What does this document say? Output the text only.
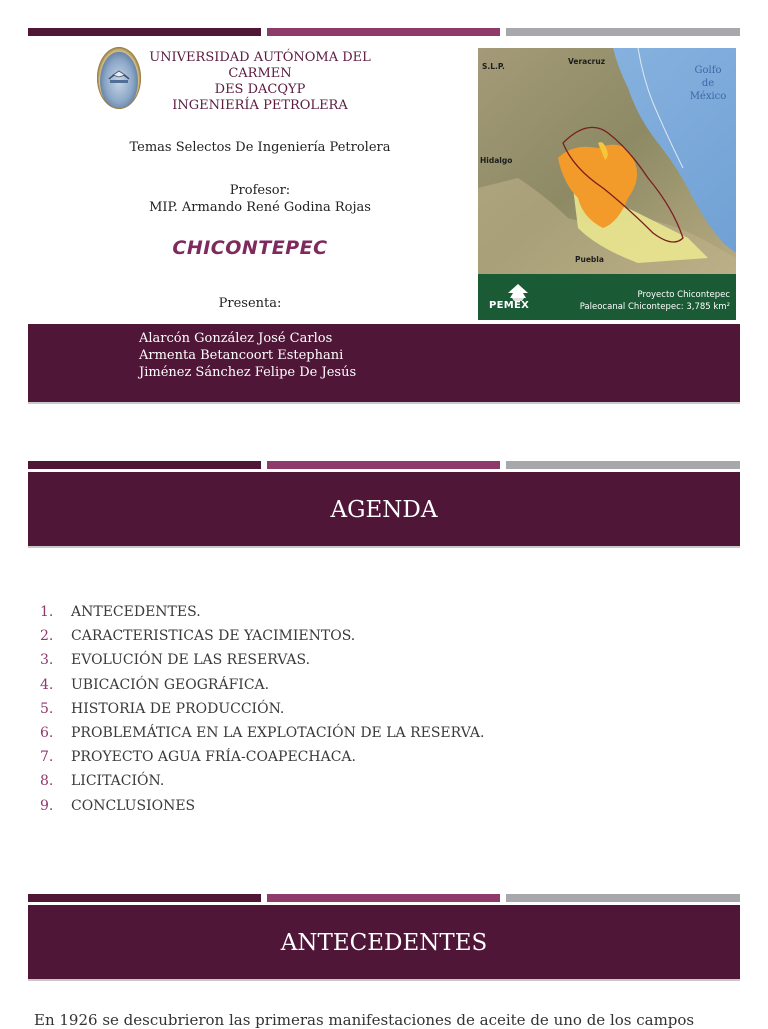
UNIVERSIDAD AUTÓNOMA DEL
CARMEN
DES DACQYP
INGENIERÍA PETROLERA
Temas Selectos De Ingeniería Petrolera
Profesor:
MIP. Armando René Godina Rojas
CHICONTEPEC
Presenta:
S.L.P.
Veracruz
Hidalgo
Puebla
Golfo
de
México
PEMEX
Proyecto Chicontepec
Paleocanal Chicontepec: 3,785 km²
Alarcón González José Carlos
Armenta Betancoort Estephani
Jiménez Sánchez Felipe De Jesús
AGENDA
1. ANTECEDENTES.
2. CARACTERISTICAS DE YACIMIENTOS.
3. EVOLUCIÓN DE LAS RESERVAS.
4. UBICACIÓN GEOGRÁFICA.
5. HISTORIA DE PRODUCCIÓN.
6. PROBLEMÁTICA EN LA EXPLOTACIÓN DE LA RESERVA.
7. PROYECTO AGUA FRÍA-COAPECHACA.
8. LICITACIÓN.
9. CONCLUSIONES
ANTECEDENTES
En 1926 se descubrieron las primeras manifestaciones de aceite de uno de los campos
